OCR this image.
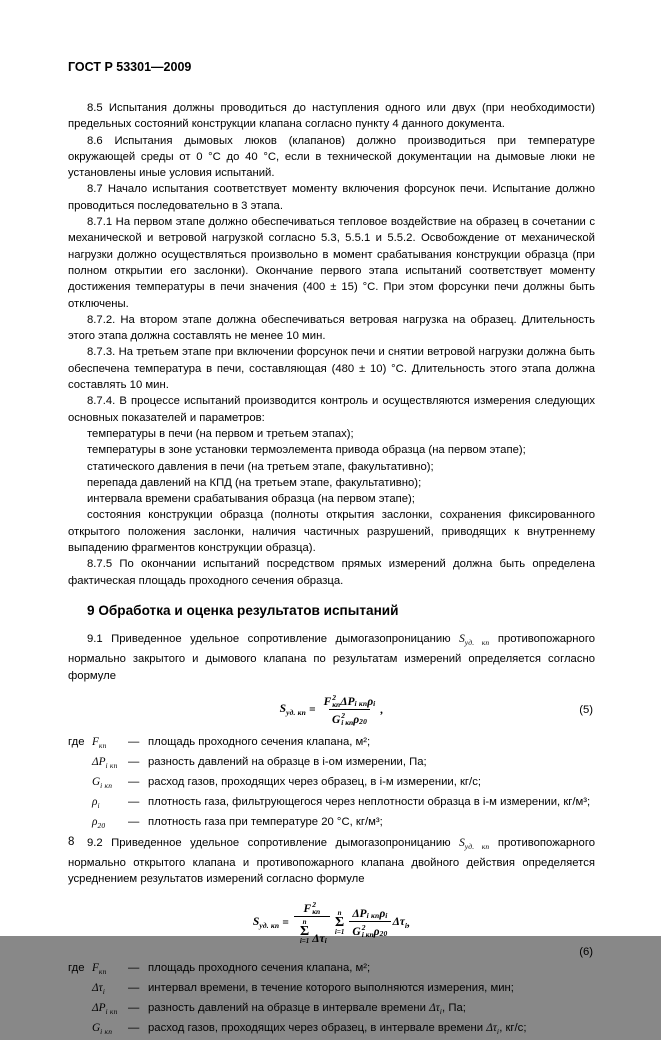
ГОСТ Р 53301—2009

8.5 Испытания должны проводиться до наступления одного или двух (при необходимости) предельных состояний конструкции клапана согласно пункту 4 данного документа.

8.6 Испытания дымовых люков (клапанов) должно производиться при температуре окружающей среды от 0 °С до 40 °С, если в технической документации на дымовые люки не установлены иные условия испытаний.

8.7 Начало испытания соответствует моменту включения форсунок печи. Испытание должно проводиться последовательно в 3 этапа.

8.7.1 На первом этапе должно обеспечиваться тепловое воздействие на образец в сочетании с механической и ветровой нагрузкой согласно 5.3, 5.5.1 и 5.5.2. Освобождение от механической нагрузки должно осуществляться произвольно в момент срабатывания конструкции образца (при полном открытии его заслонки). Окончание первого этапа испытаний соответствует моменту достижения температуры в печи значения (400 ± 15) °С. При этом форсунки печи должны быть отключены.

8.7.2. На втором этапе должна обеспечиваться ветровая нагрузка на образец. Длительность этого этапа должна составлять не менее 10 мин.

8.7.3. На третьем этапе при включении форсунок печи и снятии ветровой нагрузки должна быть обеспечена температура в печи, составляющая (480 ± 10) °С. Длительность этого этапа должна составлять 10 мин.

8.7.4. В процессе испытаний производится контроль и осуществляются измерения следующих основных показателей и параметров:

температуры в печи (на первом и третьем этапах);

температуры в зоне установки термоэлемента привода образца (на первом этапе);

статического давления в печи (на третьем этапе, факультативно);

перепада давлений на КПД (на третьем этапе, факультативно);

интервала времени срабатывания образца (на первом этапе);

состояния конструкции образца (полноты открытия заслонки, сохранения фиксированного открытого положения заслонки, наличия частичных разрушений, приводящих к внутреннему выпадению фрагментов конструкции образца).

8.7.5 По окончании испытаний посредством прямых измерений должна быть определена фактическая площадь проходного сечения образца.

9 Обработка и оценка результатов испытаний

9.1 Приведенное удельное сопротивление дымогазопроницанию $S_{уд. кп}$ противопожарного нормально закрытого и дымового клапана по результатам измерений определяется согласно формуле

$S_{уд. кп} = F$ 2
кп ΔP i кп ρ i
G 2
i кп ρ 20 ,	(5)
где $F_{кп}$	— площадь проходного сечения клапана, м²;
$\Delta P_{i кп}$ — разность давлений на образце в i-ом измерении, Па;
$G_{i кп}$	— расход газов, проходящих через образец, в i-м измерении, кг/с;
$\rho_i$	— плотность газа, фильтрующегося через неплотности образца в i-м измерении, кг/м³;
$\rho_{20}$	— плотность газа при температуре 20 °С, кг/м³;

9.2 Приведенное удельное сопротивление дымогазопроницанию $S_{уд. кп}$ противопожарного нормально открытого клапана и противопожарного клапана двойного действия определяется усреднением результатов измерений согласно формуле

$S_{уд. кп} = F$ 2
кп
n
Σ
i=1 Δτ i n
Σ
i=1 ΔP i кп ρ i
G 2
i кп ρ 20 $\Delta\tau_i$ ,
(6)
где $F_{кп}$	— площадь проходного сечения клапана, м²;
$\Delta\tau_i$	— интервал времени, в течение которого выполняются измерения, мин;
$\Delta P_{i кп}$ — разность давлений на образце в интервале времени $\Delta\tau_i$, Па;
$G_{i кп}$	— расход газов, проходящих через образец, в интервале времени $\Delta\tau_i$, кг/с;
8
